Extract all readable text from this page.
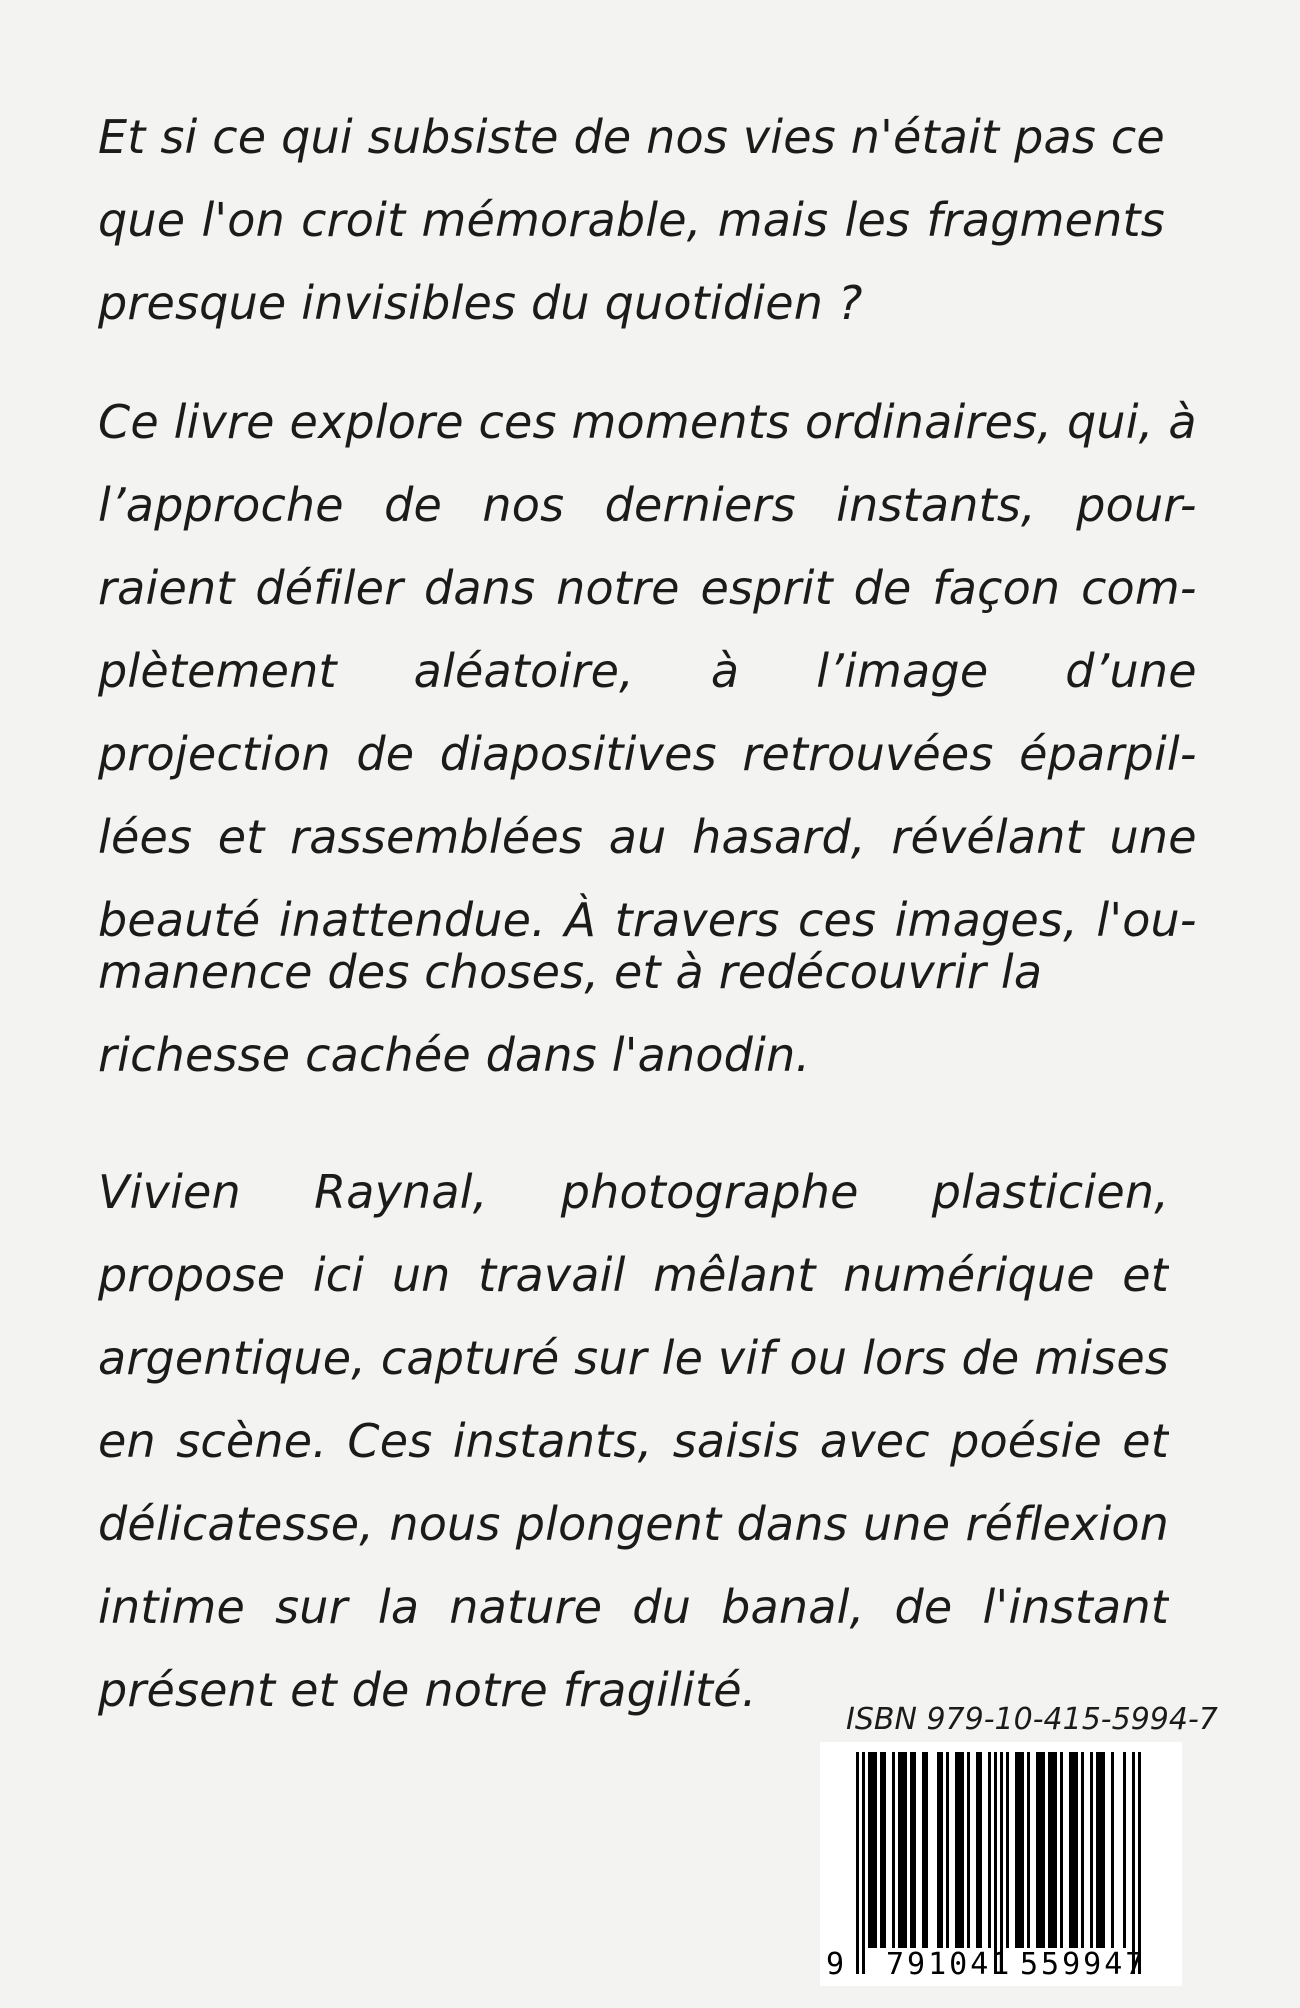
Et si ce qui subsiste de nos vies n'était pas ce
que l'on croit mémorable, mais les fragments
presque invisibles du quotidien ?

Ce livre explore ces moments ordinaires, qui, à
l’approche de nos derniers instants, pour-
raient défiler dans notre esprit de façon com-
plètement aléatoire, à l’image d’une
projection de diapositives retrouvées éparpil-
lées et rassemblées au hasard, révélant une
beauté inattendue. À travers ces images, l'ou-

manence des choses, et à redécouvrir la
richesse cachée dans l'anodin.

Vivien Raynal, photographe plasticien,
propose ici un travail mêlant numérique et
argentique, capturé sur le vif ou lors de mises
en scène. Ces instants, saisis avec poésie et
délicatesse, nous plongent dans une réflexion
intime sur la nature du banal, de l'instant
présent et de notre fragilité.

ISBN 979-10-415-5994-7
9 791041 559947
